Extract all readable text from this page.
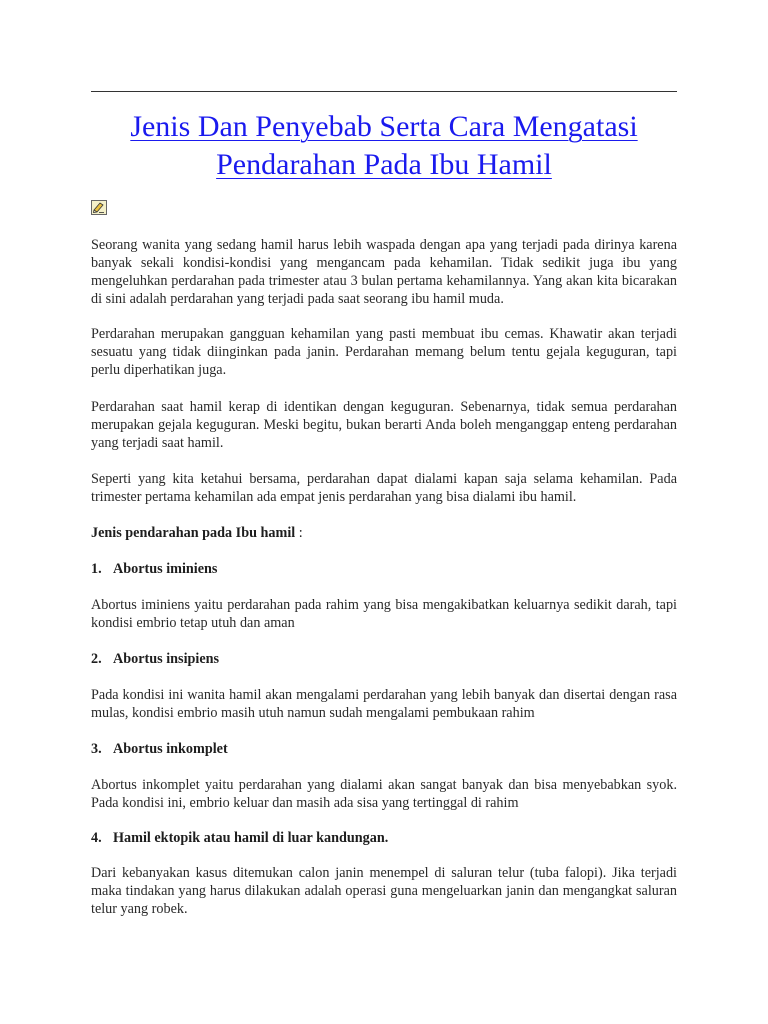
Jenis Dan Penyebab Serta Cara Mengatasi Pendarahan Pada Ibu Hamil

Seorang wanita yang sedang hamil harus lebih waspada dengan apa yang terjadi pada dirinya karena banyak sekali kondisi-kondisi yang mengancam pada kehamilan. Tidak sedikit juga ibu yang mengeluhkan perdarahan pada trimester atau 3 bulan pertama kehamilannya. Yang akan kita bicarakan di sini adalah perdarahan yang terjadi pada saat seorang ibu hamil muda.

Perdarahan merupakan gangguan kehamilan yang pasti membuat ibu cemas. Khawatir akan terjadi sesuatu yang tidak diinginkan pada janin. Perdarahan memang belum tentu gejala keguguran, tapi perlu diperhatikan juga.

Perdarahan saat hamil kerap di identikan dengan keguguran. Sebenarnya, tidak semua perdarahan merupakan gejala keguguran. Meski begitu, bukan berarti Anda boleh menganggap enteng perdarahan yang terjadi saat hamil.

Seperti yang kita ketahui bersama, perdarahan dapat dialami kapan saja selama kehamilan. Pada trimester pertama kehamilan ada empat jenis perdarahan yang bisa dialami ibu hamil.

Jenis pendarahan pada Ibu hamil :

1. Abortus iminiens

Abortus iminiens yaitu perdarahan pada rahim yang bisa mengakibatkan keluarnya sedikit darah, tapi kondisi embrio tetap utuh dan aman

2. Abortus insipiens

Pada kondisi ini wanita hamil akan mengalami perdarahan yang lebih banyak dan disertai dengan rasa mulas, kondisi embrio masih utuh namun sudah mengalami pembukaan rahim

3. Abortus inkomplet

Abortus inkomplet yaitu perdarahan yang dialami akan sangat banyak dan bisa menyebabkan syok. Pada kondisi ini, embrio keluar dan masih ada sisa yang tertinggal di rahim

4. Hamil ektopik atau hamil di luar kandungan.

Dari kebanyakan kasus ditemukan calon janin menempel di saluran telur (tuba falopi). Jika terjadi maka tindakan yang harus dilakukan adalah operasi guna mengeluarkan janin dan mengangkat saluran telur yang robek.
